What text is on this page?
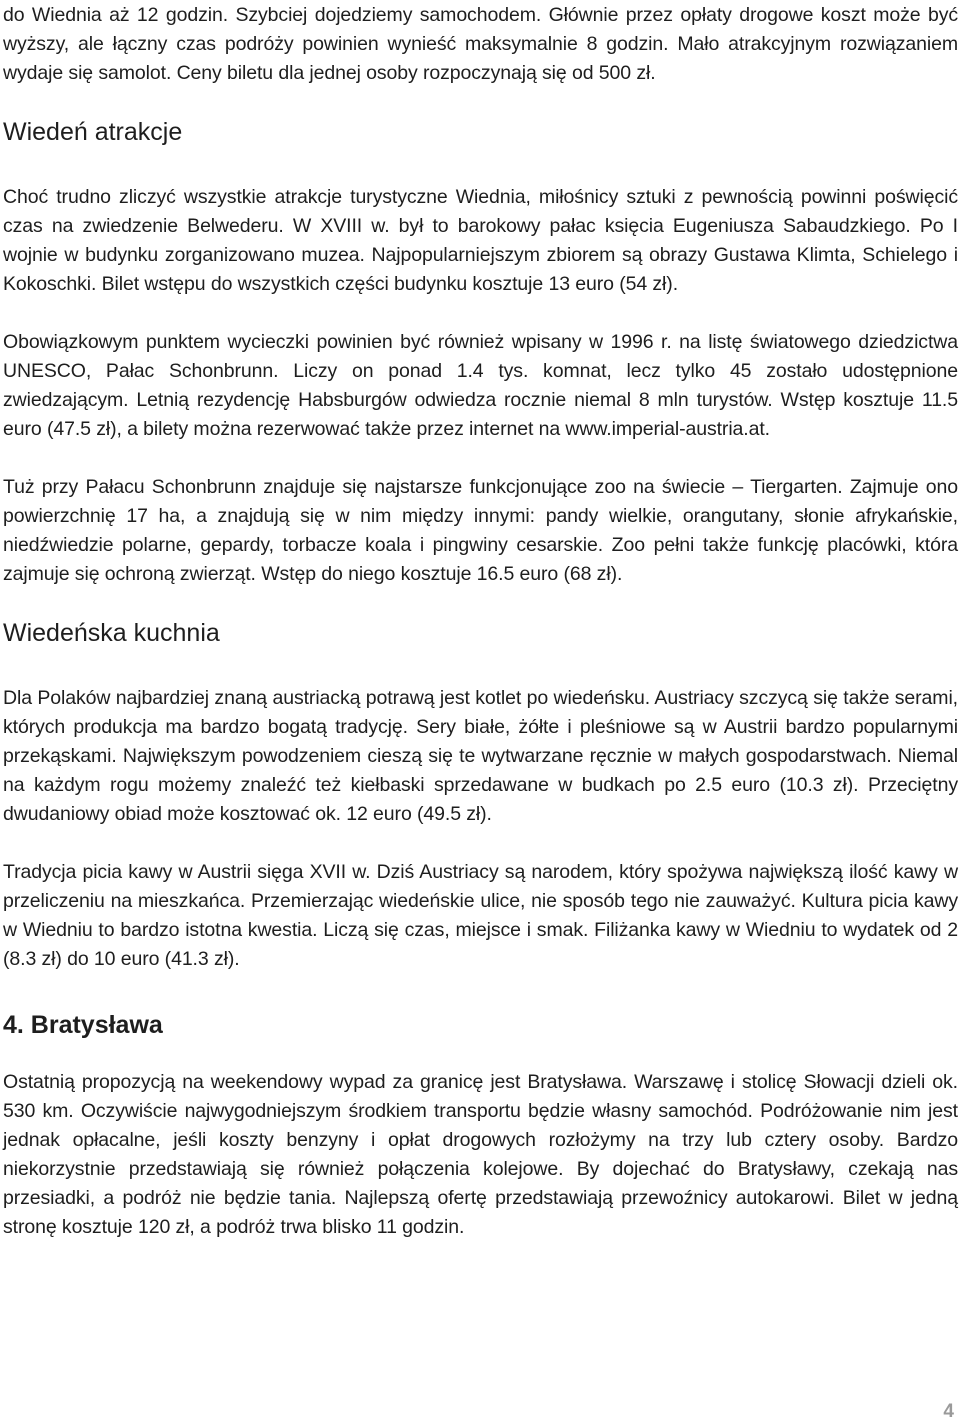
do Wiednia aż 12 godzin. Szybciej dojedziemy samochodem. Głównie przez opłaty drogowe koszt może być wyższy, ale łączny czas podróży powinien wynieść maksymalnie 8 godzin. Mało atrakcyjnym rozwiązaniem wydaje się samolot. Ceny biletu dla jednej osoby rozpoczynają się od 500 zł.

Wiedeń atrakcje

Choć trudno zliczyć wszystkie atrakcje turystyczne Wiednia, miłośnicy sztuki z pewnością powinni poświęcić czas na zwiedzenie Belwederu. W XVIII w. był to barokowy pałac księcia Eugeniusza Sabaudzkiego. Po I wojnie w budynku zorganizowano muzea. Najpopularniejszym zbiorem są obrazy Gustawa Klimta, Schielego i Kokoschki. Bilet wstępu do wszystkich części budynku kosztuje 13 euro (54 zł).

Obowiązkowym punktem wycieczki powinien być również wpisany w 1996 r. na listę światowego dziedzictwa UNESCO, Pałac Schonbrunn. Liczy on ponad 1.4 tys. komnat, lecz tylko 45 zostało udostępnione zwiedzającym. Letnią rezydencję Habsburgów odwiedza rocznie niemal 8 mln turystów. Wstęp kosztuje 11.5 euro (47.5 zł), a bilety można rezerwować także przez internet na www.imperial-austria.at.

Tuż przy Pałacu Schonbrunn znajduje się najstarsze funkcjonujące zoo na świecie – Tiergarten. Zajmuje ono powierzchnię 17 ha, a znajdują się w nim między innymi: pandy wielkie, orangutany, słonie afrykańskie, niedźwiedzie polarne, gepardy, torbacze koala i pingwiny cesarskie. Zoo pełni także funkcję placówki, która zajmuje się ochroną zwierząt. Wstęp do niego kosztuje 16.5 euro (68 zł).

Wiedeńska kuchnia

Dla Polaków najbardziej znaną austriacką potrawą jest kotlet po wiedeńsku. Austriacy szczycą się także serami, których produkcja ma bardzo bogatą tradycję. Sery białe, żółte i pleśniowe są w Austrii bardzo popularnymi przekąskami. Największym powodzeniem cieszą się te wytwarzane ręcznie w małych gospodarstwach. Niemal na każdym rogu możemy znaleźć też kiełbaski sprzedawane w budkach po 2.5 euro (10.3 zł). Przeciętny dwudaniowy obiad może kosztować ok. 12 euro (49.5 zł).

Tradycja picia kawy w Austrii sięga XVII w. Dziś Austriacy są narodem, który spożywa największą ilość kawy w przeliczeniu na mieszkańca. Przemierzając wiedeńskie ulice, nie sposób tego nie zauważyć. Kultura picia kawy w Wiedniu to bardzo istotna kwestia. Liczą się czas, miejsce i smak. Filiżanka kawy w Wiedniu to wydatek od 2 (8.3 zł) do 10 euro (41.3 zł).

4. Bratysława

Ostatnią propozycją na weekendowy wypad za granicę jest Bratysława. Warszawę i stolicę Słowacji dzieli ok. 530 km. Oczywiście najwygodniejszym środkiem transportu będzie własny samochód. Podróżowanie nim jest jednak opłacalne, jeśli koszty benzyny i opłat drogowych rozłożymy na trzy lub cztery osoby. Bardzo niekorzystnie przedstawiają się również połączenia kolejowe. By dojechać do Bratysławy, czekają nas przesiadki, a podróż nie będzie tania. Najlepszą ofertę przedstawiają przewoźnicy autokarowi. Bilet w jedną stronę kosztuje 120 zł, a podróż trwa blisko 11 godzin.

4
